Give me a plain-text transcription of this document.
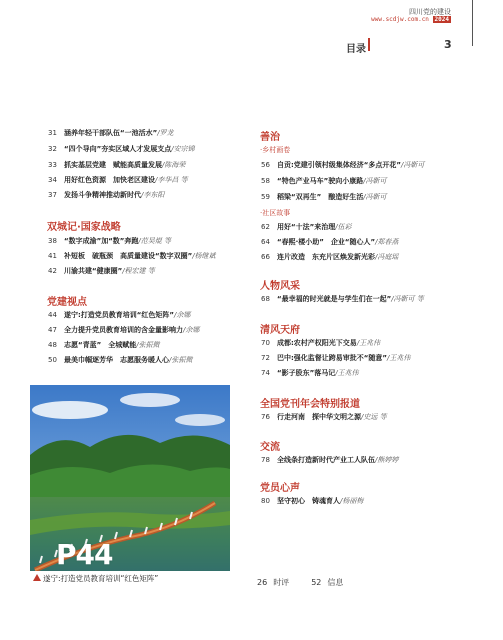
四川党的建设
www.scdjw.com.cn 2024
目录	3
31 涵养年轻干部队伍“一池活水”/罗龙
32 “四个导向”夯实区域人才发展支点/安宗锦
33 抓实基层党建　赋能高质量发展/陈海荣
34 用好红色资源　加快老区建设/李华昌 等
37 发扬斗争精神推动新时代/李东阳
双城记·国家战略
38 “数字成渝”加“数”奔跑/范昊焜 等
41 补短板　破瓶颈　高质量建设“数字双圈”/杨继斌
42 川渝共建“健康圈”/程宏建 等
党建视点
44 遂宁:打造党员教育培训“红色矩阵”/余娜
47 全力提升党员教育培训的含金量影响力/余娜
48 志愿“青蓝”　全城赋能/张振微
50 最美巾帼逐芳华　志愿服务暖人心/张振微
P44
遂宁:打造党员教育培训“红色矩阵”
善治
·乡村画卷
56 自贡:党建引领村级集体经济“多点开花”/冯靳可
58 “特色产业马车”驶向小康路/冯靳可
59 稻梁“双再生”　酿造好生活/冯靳可
·社区故事
62 用好“十法”来治理/伍彩
64 “春熙·楼小助”　企业“随心人”/郑春燕
66 连片改造　东充片区焕发新光彩/冯庭瑶
人物风采
68 “最幸福的时光就是与学生们在一起”/冯靳可 等
清风天府
70 成都:农村产权阳光下交易/王兆伟
72 巴中:强化监督让跨易审批不“随意”/王兆伟
74 “影子股东”落马记/王兆伟
全国党刊年会特别报道
76 行走河南　探中华文明之源/史远 等
交流
78 全线条打造新时代产业工人队伍/熊婷婷
党员心声
80 坚守初心　铸魂育人/杨丽梅
26 时评	52 信息
